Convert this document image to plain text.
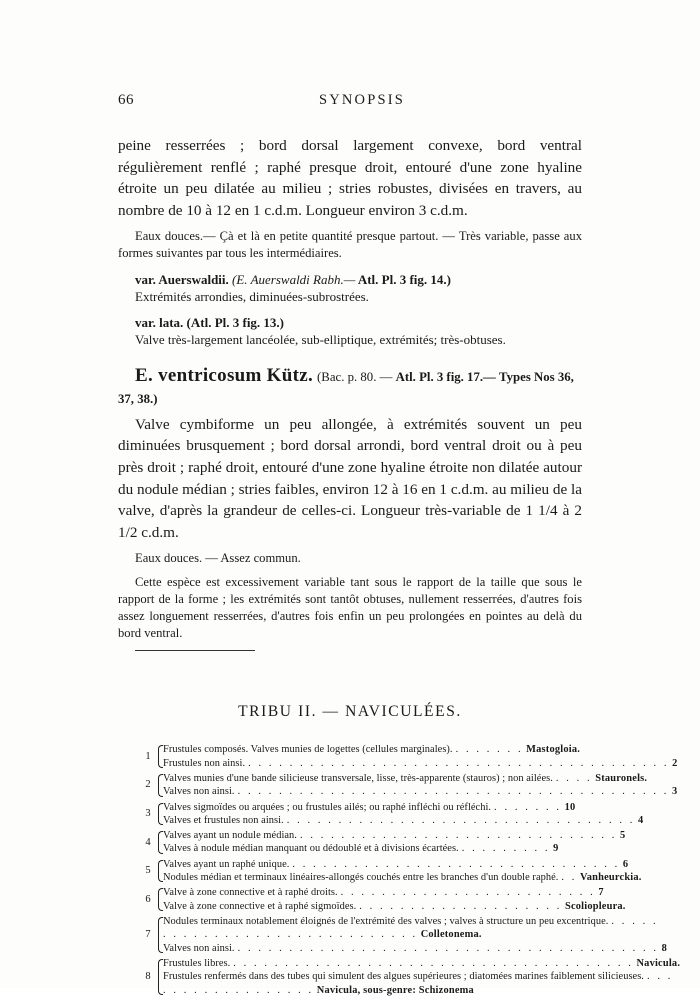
66	SYNOPSIS

peine resserrées ; bord dorsal largement convexe, bord ventral régulièrement renflé ; raphé presque droit, entouré d'une zone hyaline étroite un peu dilatée au milieu ; stries robustes, divisées en travers, au nombre de 10 à 12 en 1 c.d.m. Longueur environ 3 c.d.m.

Eaux douces.— Çà et là en petite quantité presque partout. — Très variable, passe aux formes suivantes par tous les intermédiaires.

var. Auerswaldii. (E. Auerswaldi Rabh.— Atl. Pl. 3 fig. 14.)

Extrémités arrondies, diminuées-subrostrées.

var. lata. (Atl. Pl. 3 fig. 13.)

Valve très-largement lancéolée, sub-elliptique, extrémités; très-obtuses.

E. ventricosum Kütz. (Bac. p. 80. — Atl. Pl. 3 fig. 17.— Types Nos 36, 37, 38.)

Valve cymbiforme un peu allongée, à extrémités souvent un peu diminuées brusquement ; bord dorsal arrondi, bord ventral droit ou à peu près droit ; raphé droit, entouré d'une zone hyaline étroite non dilatée autour du nodule médian ; stries faibles, environ 12 à 16 en 1 c.d.m. au milieu de la valve, d'après la grandeur de celles-ci. Longueur très-variable de 1 1/4 à 2 1/2 c.d.m.

Eaux douces. — Assez commun.

Cette espèce est excessivement variable tant sous le rapport de la taille que sous le rapport de la forme ; les extrémités sont tantôt obtuses, nullement resserrées, d'autres fois assez longuement resserrées, d'autres fois enfin un peu prolongées en pointes au delà du bord ventral.

TRIBU II. — NAVICULÉES.
1
Frustules composés. Valves munies de logettes (cellules marginales). . . . . . . . Mastogloia.
Frustules non ainsi. . . . . . . . . . . . . . . . . . . . . . . . . . . . . . . . . . . . . . . . . . 2
2
Valves munies d'une bande silicieuse transversale, lisse, très-apparente (stauros) ; non ailées. . . . . Stauronels.
Valves non ainsi. . . . . . . . . . . . . . . . . . . . . . . . . . . . . . . . . . . . . . . . . . . 3
3
Valves sigmoïdes ou arquées ; ou frustules ailés; ou raphé infléchi ou réfléchi. . . . . . . . 10
Valves et frustules non ainsi. . . . . . . . . . . . . . . . . . . . . . . . . . . . . . . . . . . 4
4
Valves ayant un nodule médian. . . . . . . . . . . . . . . . . . . . . . . . . . . . . . . . 5
Valves à nodule médian manquant ou dédoublé et à divisions écartées. . . . . . . . . . 9
5
Valves ayant un raphé unique. . . . . . . . . . . . . . . . . . . . . . . . . . . . . . . . . 6
Nodules médian et terminaux linéaires-allongés couchés entre les branches d'un double raphé. . . Vanheurckia.
6
Valve à zone connective et à raphé droits. . . . . . . . . . . . . . . . . . . . . . . . . . 7
Valve à zone connective et à raphé sigmoïdes. . . . . . . . . . . . . . . . . . . . . Scoliopleura.
7
Nodules terminaux notablement éloignés de l'extrémité des valves ; valves à structure un peu excentrique. . . . . . . . . . . . . . . . . . . . . . . . . . . . . . . Colletonema.
Valves non ainsi. . . . . . . . . . . . . . . . . . . . . . . . . . . . . . . . . . . . . . . . . . 8
8
Frustules libres. . . . . . . . . . . . . . . . . . . . . . . . . . . . . . . . . . . . . . . . Navicula.
Frustules renfermés dans des tubes qui simulent des algues supérieures ; diatomées marines faiblement silicieuses. . . . . . . . . . . . . . . . . . . Navicula, sous-genre: Schizonema
